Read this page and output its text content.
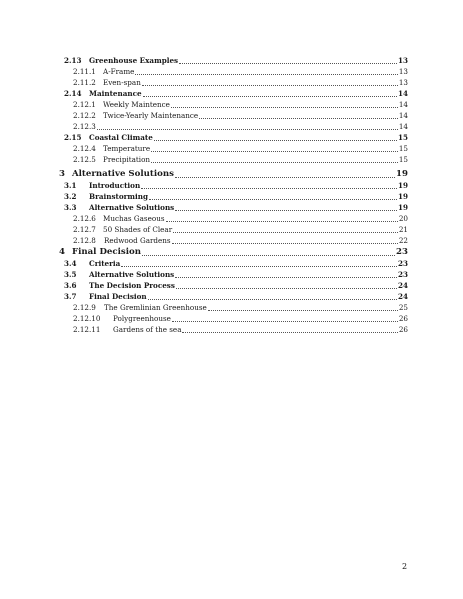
2.13 Greenhouse Examples	13
2.11.1 A-Frame	13
2.11.2 Even-span	13
2.14 Maintenance	14
2.12.1 Weekly Maintence	14
2.12.2 Twice-Yearly Maintenance	14
2.12.3	14
2.15 Coastal Climate	15
2.12.4 Temperature	15
2.12.5 Precipitation	15
3 Alternative Solutions	19
3.1 Introduction	19
3.2 Brainstorming	19
3.3 Alternative Solutions	19
2.12.6 Muchas Gaseous	20
2.12.7 50 Shades of Clear	21
2.12.8 Redwood Gardens	22
4 Final Decision	23
3.4 Criteria	23
3.5 Alternative Solutions	23
3.6 The Decision Process	24
3.7 Final Decision	24
2.12.9 The Gremlinian Greenhouse	25
2.12.10 Polygreenhouse	26
2.12.11 Gardens of the sea	26
2
